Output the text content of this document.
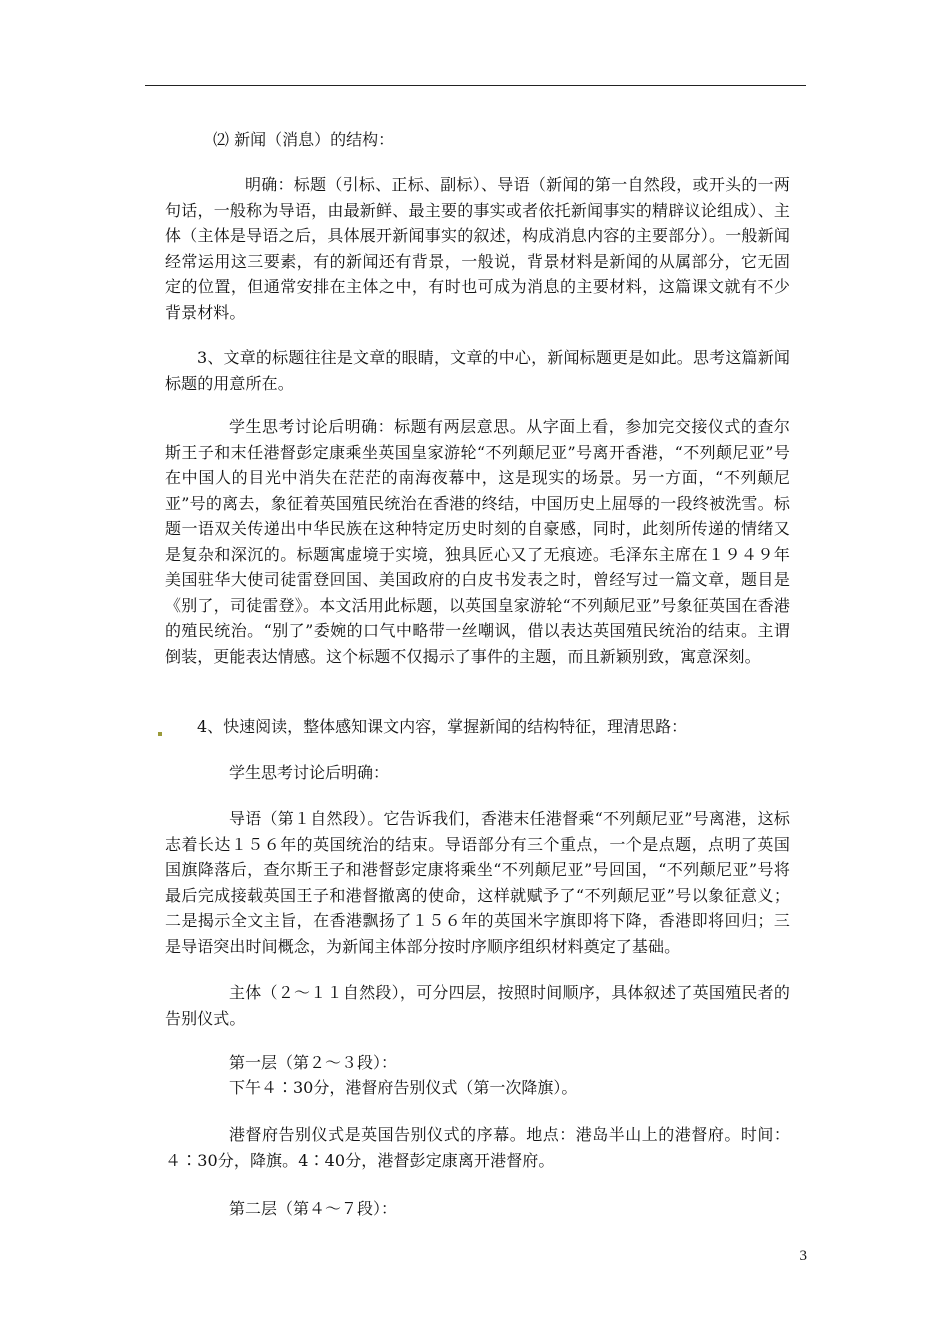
⑵ 新闻（消息）的结构：

明确：标题（引标、正标、副标）、导语（新闻的第一自然段，或开头的一两句话，一般称为导语，由最新鲜、最主要的事实或者依托新闻事实的精辟议论组成）、主体（主体是导语之后，具体展开新闻事实的叙述，构成消息内容的主要部分）。一般新闻经常运用这三要素，有的新闻还有背景，一般说，背景材料是新闻的从属部分，它无固定的位置，但通常安排在主体之中，有时也可成为消息的主要材料，这篇课文就有不少背景材料。

3、文章的标题往往是文章的眼睛，文章的中心，新闻标题更是如此。思考这篇新闻标题的用意所在。

学生思考讨论后明确：标题有两层意思。从字面上看，参加完交接仪式的查尔斯王子和末任港督彭定康乘坐英国皇家游轮“不列颠尼亚”号离开香港，“不列颠尼亚”号在中国人的目光中消失在茫茫的南海夜幕中，这是现实的场景。另一方面，“不列颠尼亚”号的离去，象征着英国殖民统治在香港的终结，中国历史上屈辱的一段终被洗雪。标题一语双关传递出中华民族在这种特定历史时刻的自豪感，同时，此刻所传递的情绪又是复杂和深沉的。标题寓虚境于实境，独具匠心又了无痕迹。毛泽东主席在１９４９年美国驻华大使司徒雷登回国、美国政府的白皮书发表之时，曾经写过一篇文章，题目是《别了，司徒雷登》。本文活用此标题，以英国皇家游轮“不列颠尼亚”号象征英国在香港的殖民统治。“别了”委婉的口气中略带一丝嘲讽，借以表达英国殖民统治的结束。主谓倒装，更能表达情感。这个标题不仅揭示了事件的主题，而且新颖别致，寓意深刻。

4、快速阅读，整体感知课文内容，掌握新闻的结构特征，理清思路：

学生思考讨论后明确：

导语（第１自然段）。它告诉我们，香港末任港督乘“不列颠尼亚”号离港，这标志着长达１５６年的英国统治的结束。导语部分有三个重点，一个是点题，点明了英国国旗降落后，查尔斯王子和港督彭定康将乘坐“不列颠尼亚”号回国，“不列颠尼亚”号将最后完成接载英国王子和港督撤离的使命，这样就赋予了“不列颠尼亚”号以象征意义；二是揭示全文主旨，在香港飘扬了１５６年的英国米字旗即将下降，香港即将回归；三是导语突出时间概念，为新闻主体部分按时序顺序组织材料奠定了基础。

主体（２～１１自然段），可分四层，按照时间顺序，具体叙述了英国殖民者的告别仪式。

第一层（第２～３段）：

下午４∶30分，港督府告别仪式（第一次降旗）。

港督府告别仪式是英国告别仪式的序幕。地点：港岛半山上的港督府。时间：４∶30分，降旗。4∶40分，港督彭定康离开港督府。

第二层（第４～７段）：

3
